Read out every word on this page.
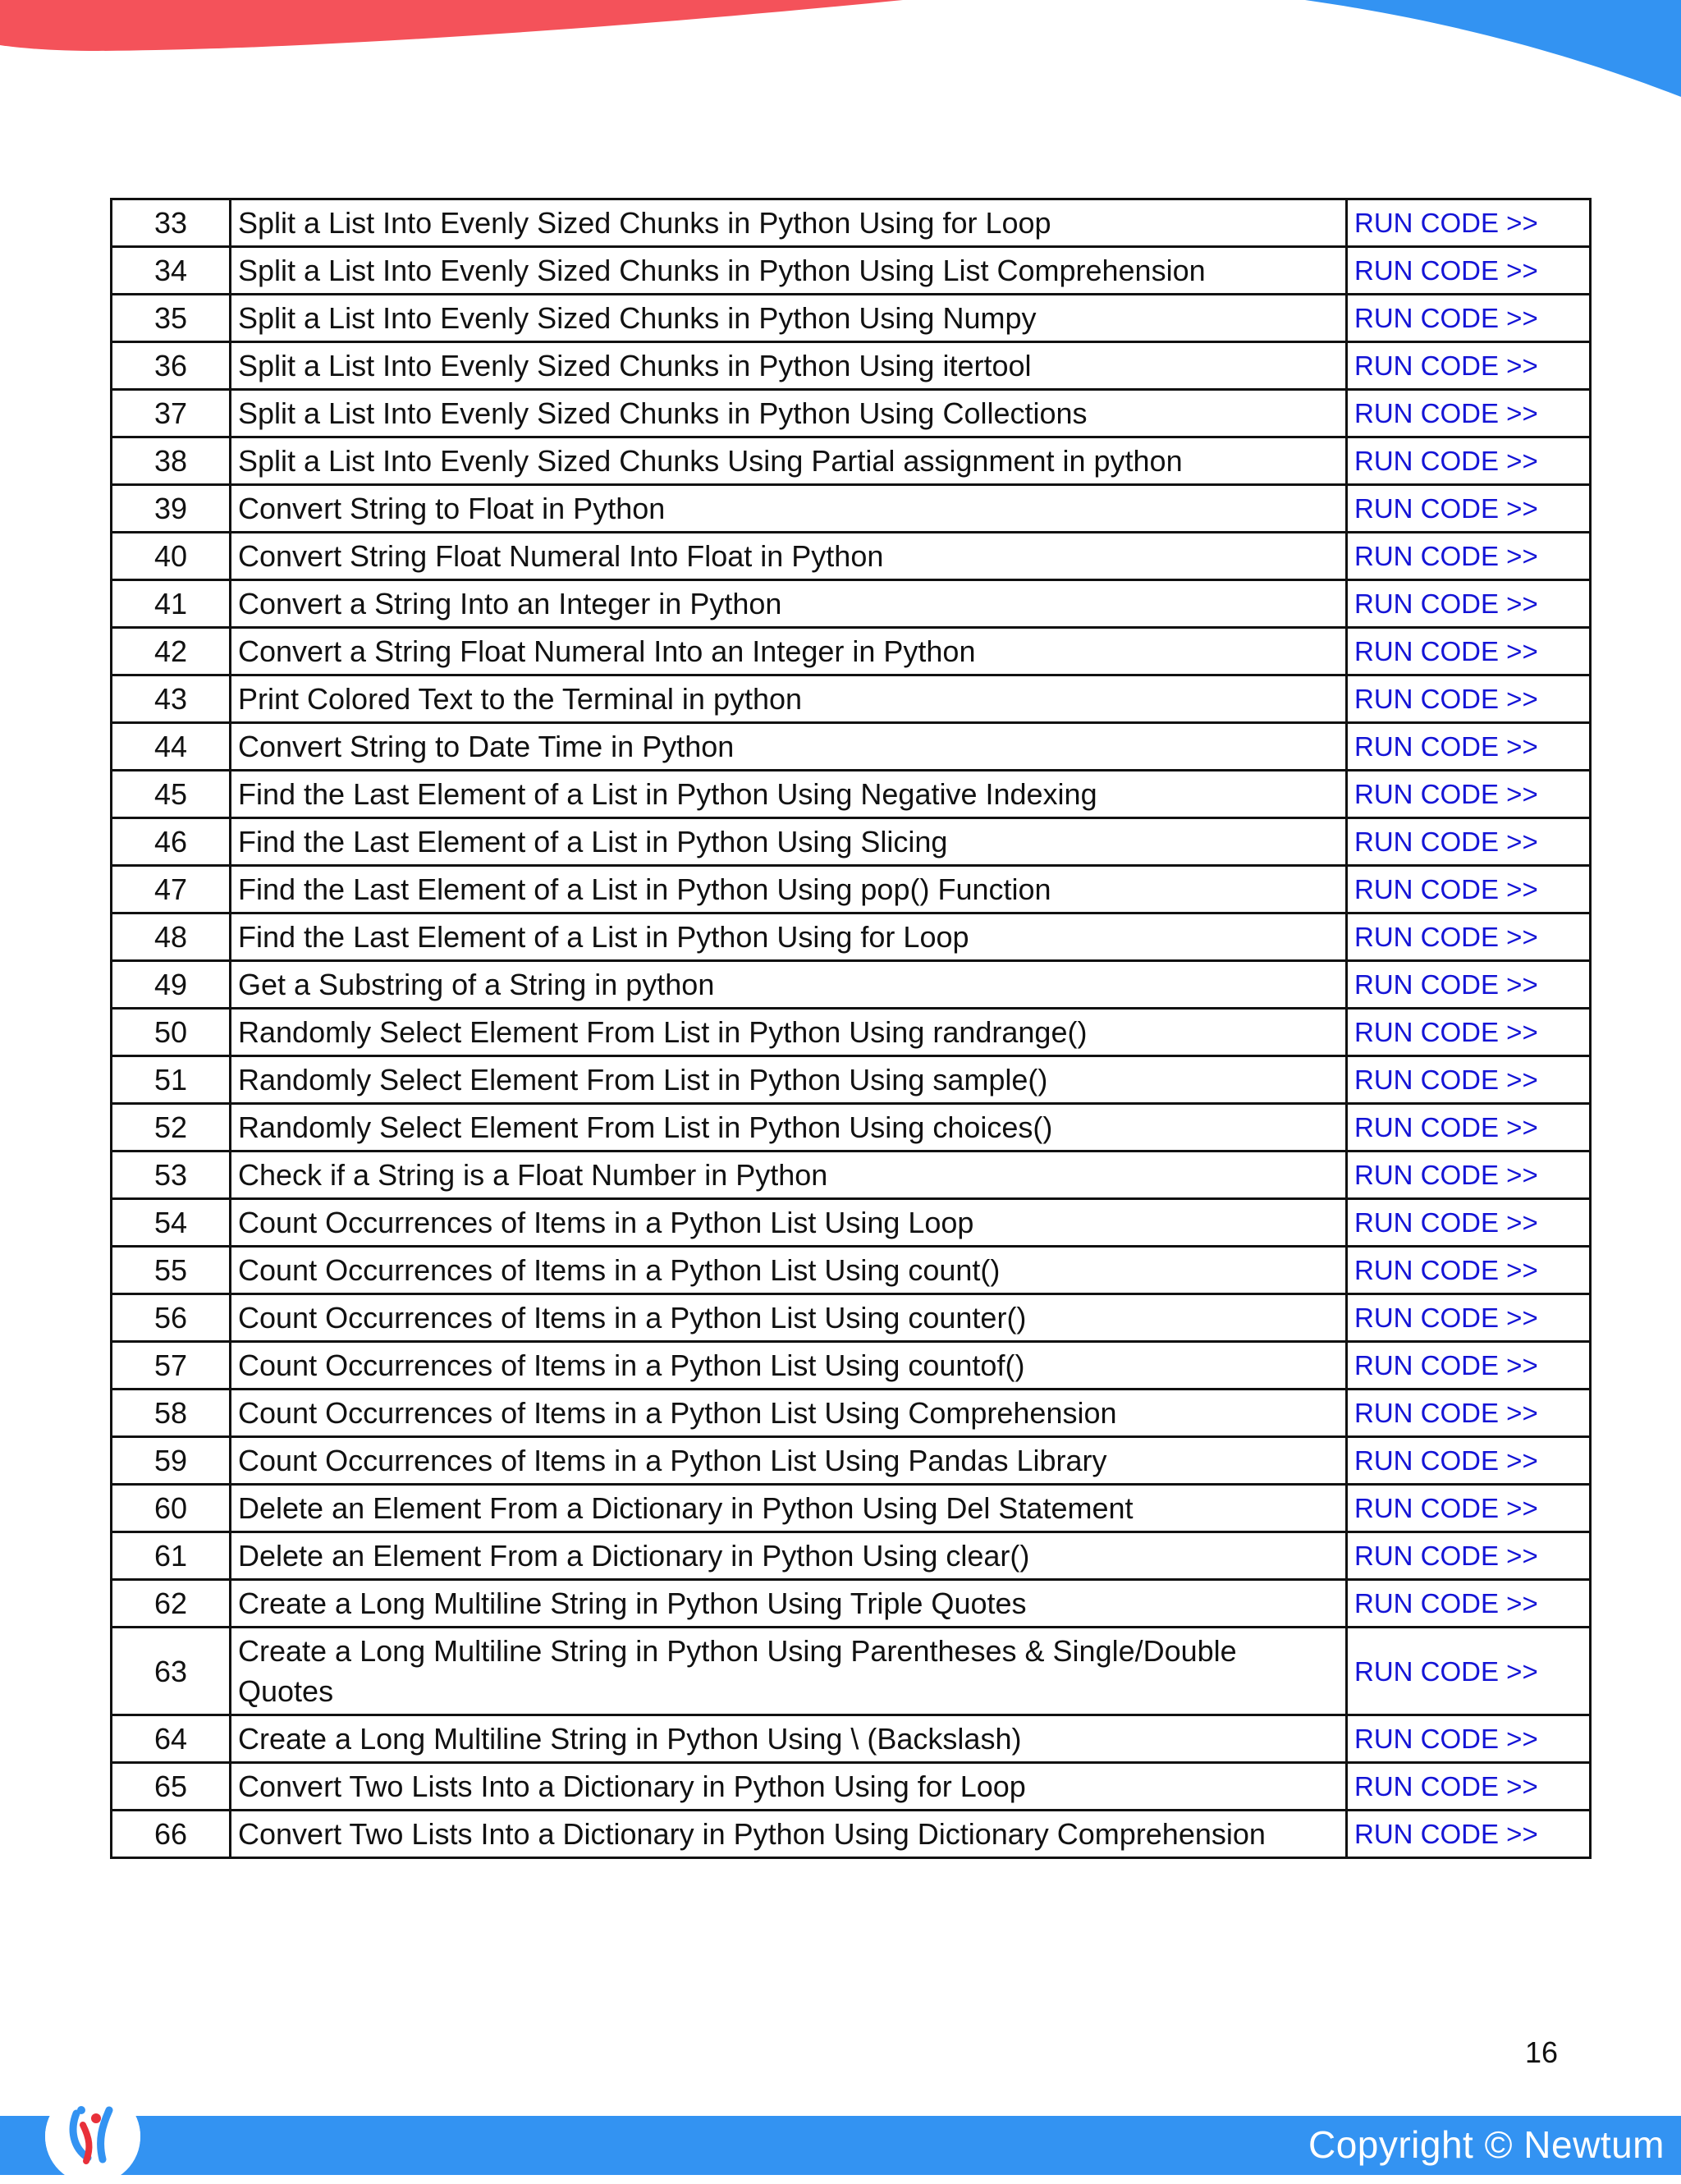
33	Split a List Into Evenly Sized Chunks in Python Using for Loop	RUN CODE >>
34	Split a List Into Evenly Sized Chunks in Python Using List Comprehension	RUN CODE >>
35	Split a List Into Evenly Sized Chunks in Python Using Numpy	RUN CODE >>
36	Split a List Into Evenly Sized Chunks in Python Using itertool	RUN CODE >>
37	Split a List Into Evenly Sized Chunks in Python Using Collections	RUN CODE >>
38	Split a List Into Evenly Sized Chunks Using Partial assignment in python	RUN CODE >>
39	Convert String to Float in Python	RUN CODE >>
40	Convert String Float Numeral Into Float in Python	RUN CODE >>
41	Convert a String Into an Integer in Python	RUN CODE >>
42	Convert a String Float Numeral Into an Integer in Python	RUN CODE >>
43	Print Colored Text to the Terminal in python	RUN CODE >>
44	Convert String to Date Time in Python	RUN CODE >>
45	Find the Last Element of a List in Python Using Negative Indexing	RUN CODE >>
46	Find the Last Element of a List in Python Using Slicing	RUN CODE >>
47	Find the Last Element of a List in Python Using pop() Function	RUN CODE >>
48	Find the Last Element of a List in Python Using for Loop	RUN CODE >>
49	Get a Substring of a String in python	RUN CODE >>
50	Randomly Select Element From List in Python Using randrange()	RUN CODE >>
51	Randomly Select Element From List in Python Using sample()	RUN CODE >>
52	Randomly Select Element From List in Python Using choices()	RUN CODE >>
53	Check if a String is a Float Number in Python	RUN CODE >>
54	Count Occurrences of Items in a Python List Using Loop	RUN CODE >>
55	Count Occurrences of Items in a Python List Using count()	RUN CODE >>
56	Count Occurrences of Items in a Python List Using counter()	RUN CODE >>
57	Count Occurrences of Items in a Python List Using countof()	RUN CODE >>
58	Count Occurrences of Items in a Python List Using Comprehension	RUN CODE >>
59	Count Occurrences of Items in a Python List Using Pandas Library	RUN CODE >>
60	Delete an Element From a Dictionary in Python Using Del Statement	RUN CODE >>
61	Delete an Element From a Dictionary in Python Using clear()	RUN CODE >>
62	Create a Long Multiline String in Python Using Triple Quotes	RUN CODE >>
63	Create a Long Multiline String in Python Using Parentheses & Single/Double Quotes	RUN CODE >>
64	Create a Long Multiline String in Python Using \ (Backslash)	RUN CODE >>
65	Convert Two Lists Into a Dictionary in Python Using for Loop	RUN CODE >>
66	Convert Two Lists Into a Dictionary in Python Using Dictionary Comprehension	RUN CODE >>
16
Copyright © Newtum
